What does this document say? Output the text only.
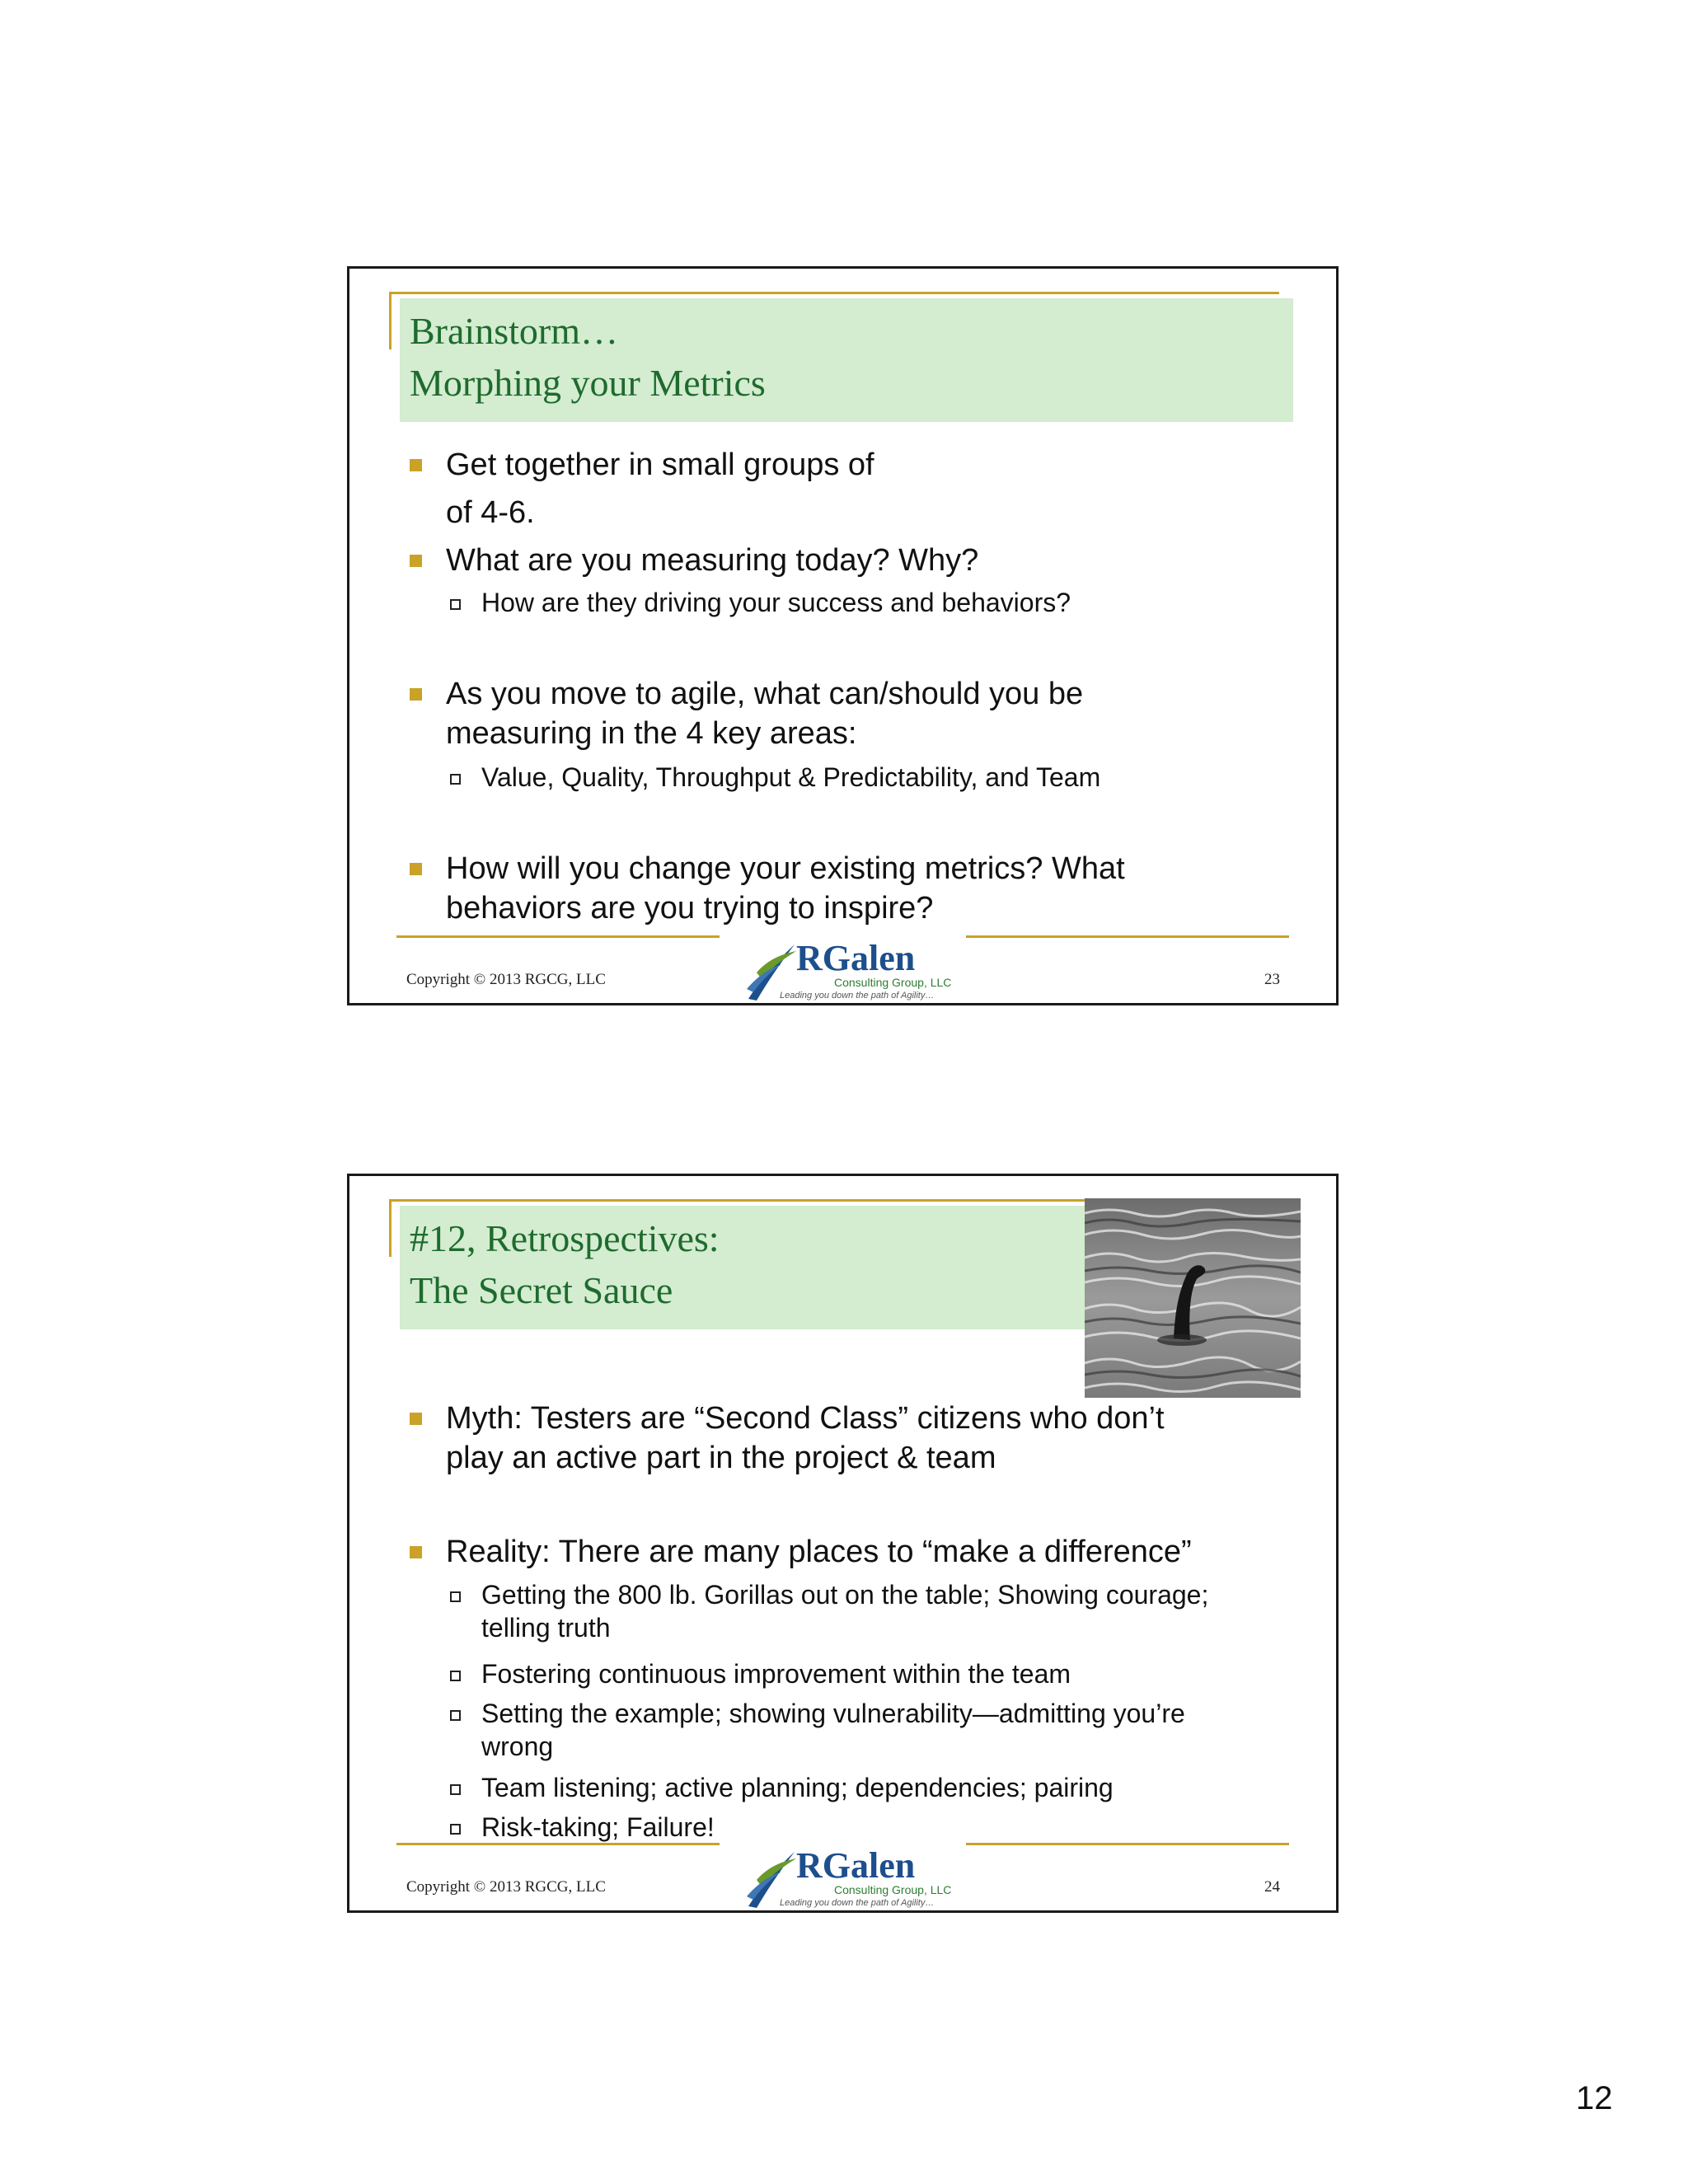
Brainstorm…
Morphing your Metrics
Get together in small groups of
of 4-6.
What are you measuring today? Why?
How are they driving your success and behaviors?
As you move to agile, what can/should you be
measuring in the 4 key areas:
Value, Quality, Throughput & Predictability, and Team
How will you change your existing metrics? What
behaviors are you trying to inspire?
Copyright © 2013 RGCG, LLC
RGalen
Consulting Group, LLC
Leading you down the path of Agility…
23
#12, Retrospectives:
The Secret Sauce
Myth: Testers are “Second Class” citizens who don’t
play an active part in the project & team
Reality: There are many places to “make a difference”
Getting the 800 lb. Gorillas out on the table; Showing courage;
telling truth
Fostering continuous improvement within the team
Setting the example; showing vulnerability—admitting you’re
wrong
Team listening; active planning; dependencies; pairing
Risk-taking; Failure!
Copyright © 2013 RGCG, LLC
RGalen
Consulting Group, LLC
Leading you down the path of Agility…
24
12
